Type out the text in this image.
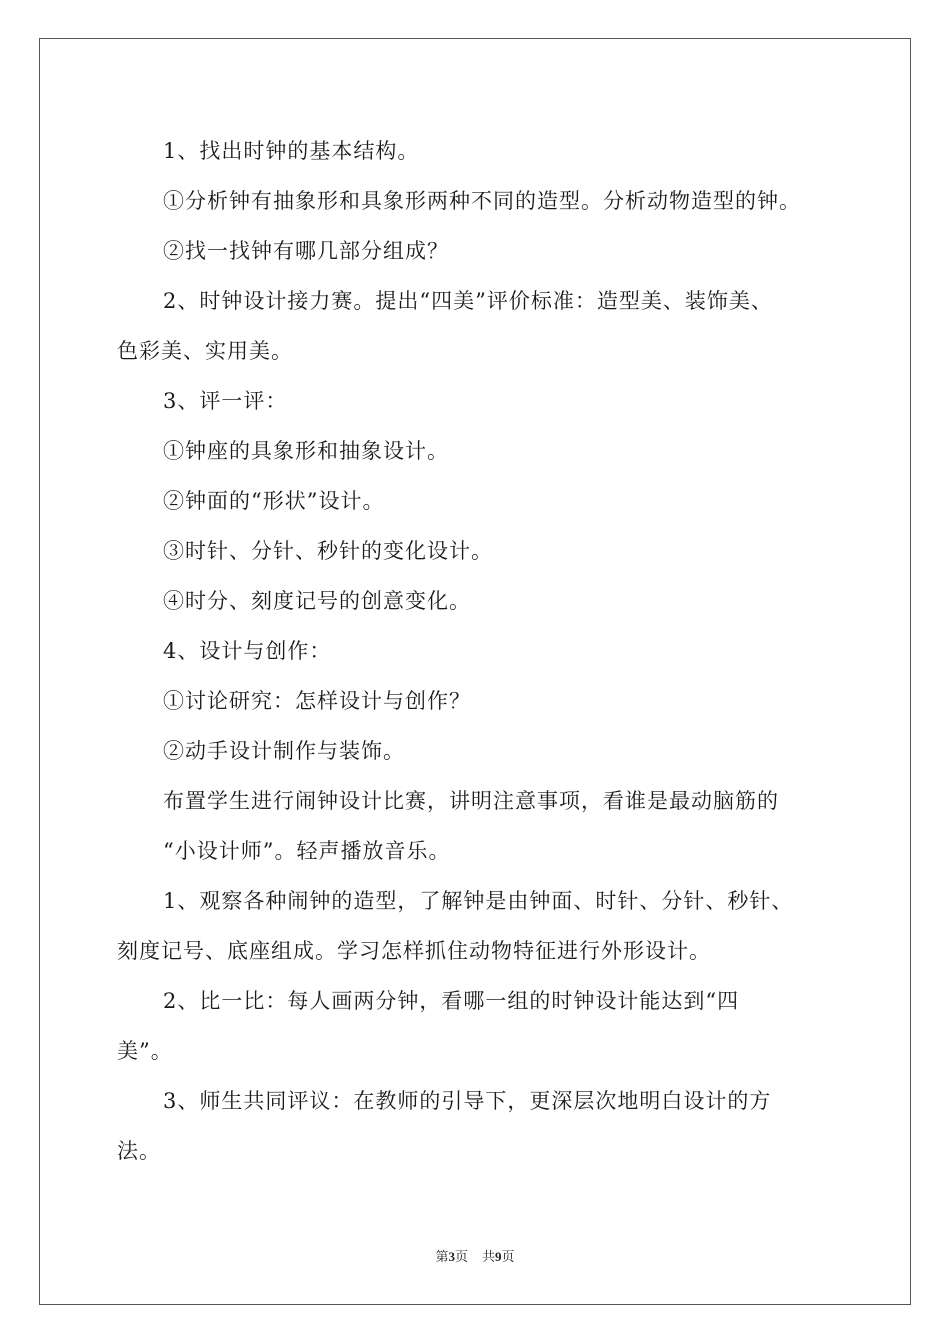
1、找出时钟的基本结构。

①分析钟有抽象形和具象形两种不同的造型。分析动物造型的钟。

②找一找钟有哪几部分组成？

2、时钟设计接力赛。提出“四美”评价标准：造型美、装饰美、

色彩美、实用美。

3、评一评：

①钟座的具象形和抽象设计。

②钟面的“形状”设计。

③时针、分针、秒针的变化设计。

④时分、刻度记号的创意变化。

4、设计与创作：

①讨论研究：怎样设计与创作？

②动手设计制作与装饰。

布置学生进行闹钟设计比赛，讲明注意事项，看谁是最动脑筋的

“小设计师”。轻声播放音乐。

1、观察各种闹钟的造型，了解钟是由钟面、时针、分针、秒针、

刻度记号、底座组成。学习怎样抓住动物特征进行外形设计。

2、比一比：每人画两分钟，看哪一组的时钟设计能达到“四

美”。

3、师生共同评议：在教师的引导下，更深层次地明白设计的方

法。

第3页 共9页
